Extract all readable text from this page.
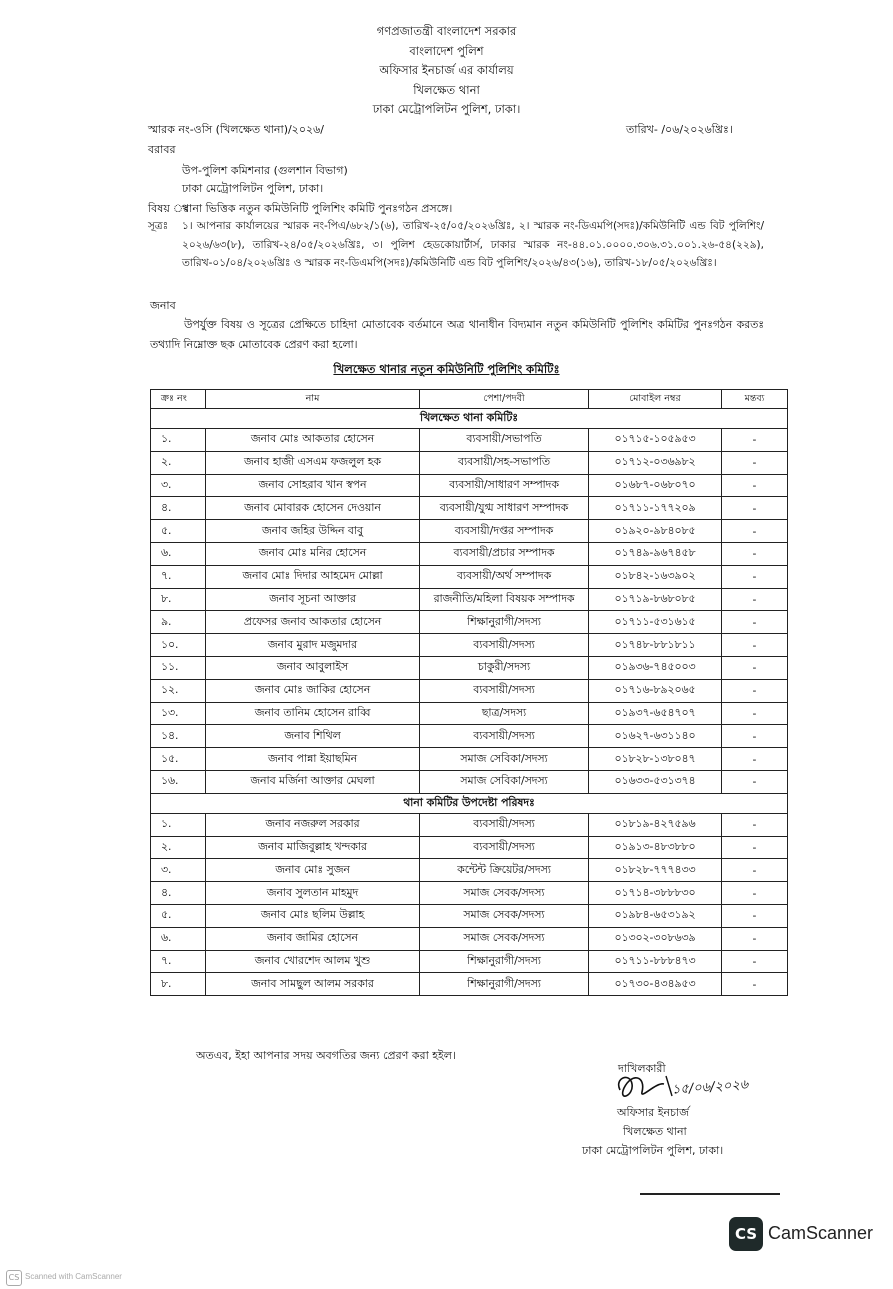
গণপ্রজাতন্ত্রী বাংলাদেশ সরকার
বাংলাদেশ পুলিশ
অফিসার ইনচার্জ এর কার্যালয়
খিলক্ষেত থানা
ঢাকা মেট্রোপলিটন পুলিশ, ঢাকা।
স্মারক নং-ওসি (খিলক্ষেত থানা)/২০২৬/	তারিখ- /০৬/২০২৬খ্রিঃ।
বরাবর
উপ-পুলিশ কমিশনার (গুলশান বিভাগ)
ঢাকা মেট্রোপলিটন পুলিশ, ঢাকা।
বিষয় ঃ
থানা ভিত্তিক নতুন কমিউনিটি পুলিশিং কমিটি পুনঃগঠন প্রসঙ্গে।
সূত্রঃ ১। আপনার কার্যালয়ের স্মারক নং-পিএ/৬৮২/১(৬), তারিখ-২৫/০৫/২০২৬খ্রিঃ, ২। স্মারক নং-ডিএমপি(সদঃ)/কমিউনিটি এন্ড বিট পুলিশিং/২০২৬/৬৩(৮), তারিখ-২৪/০৫/২০২৬খ্রিঃ, ৩। পুলিশ হেডকোয়ার্টার্স, ঢাকার স্মারক নং-৪৪.০১.০০০০.৩০৬.৩১.০০১.২৬-৫৪(২২৯), তারিখ-০১/০৪/২০২৬খ্রিঃ ও স্মারক নং-ডিএমপি(সদঃ)/কমিউনিটি এন্ড বিট পুলিশিং/২০২৬/৪৩(১৬), তারিখ-১৮/০৫/২০২৬খ্রিঃ।
জনাব
উপর্যুক্ত বিষয় ও সূত্রের প্রেক্ষিতে চাহিদা মোতাবেক বর্তমানে অত্র থানাধীন বিদ্যমান নতুন কমিউনিটি পুলিশিং কমিটির পুনঃগঠন করতঃ তথ্যাদি নিম্নোক্ত ছক মোতাবেক প্রেরণ করা হলো।
খিলক্ষেত থানার নতুন কমিউনিটি পুলিশিং কমিটিঃ
ক্রঃ নং	নাম	পেশা/পদবী	মোবাইল নম্বর	মন্তব্য
খিলক্ষেত থানা কমিটিঃ				
১.	জনাব মোঃ আকতার হোসেন	ব্যবসায়ী/সভাপতি	০১৭১৫-১০৫৯৫৩	-
২.	জনাব হাজী এসএম ফজলুল হক	ব্যবসায়ী/সহ-সভাপতি	০১৭১২-০৩৬৯৮২	-
৩.	জনাব সোহরাব খান স্বপন	ব্যবসায়ী/সাধারণ সম্পাদক	০১৬৮৭-০৬৮০৭০	-
৪.	জনাব মোবারক হোসেন দেওয়ান	ব্যবসায়ী/যুগ্ম সাধারণ সম্পাদক	০১৭১১-১৭৭২০৯	-
৫.	জনাব জহির উদ্দিন বাবু	ব্যবসায়ী/দপ্তর সম্পাদক	০১৯২০-৯৮৪০৮৫	-
৬.	জনাব মোঃ মনির হোসেন	ব্যবসায়ী/প্রচার সম্পাদক	০১৭৪৯-৯৬৭৪৫৮	-
৭.	জনাব মোঃ দিদার আহমেদ মোল্লা	ব্যবসায়ী/অর্থ সম্পাদক	০১৮৪২-১৬৩৯০২	-
৮.	জনাব সূচনা আক্তার	রাজনীতি/মহিলা বিষয়ক সম্পাদক	০১৭১৯-৮৬৮০৮৫	-
৯.	প্রফেসর জনাব আকতার হোসেন	শিক্ষানুরাগী/সদস্য	০১৭১১-৫৩১৬১৫	-
১০.	জনাব মুরাদ মজুমদার	ব্যবসায়ী/সদস্য	০১৭৪৮-৮৮১৮১১	-
১১.	জনাব আবুলাইস	চাকুরী/সদস্য	০১৯৩৬-৭৪৫০০৩	-
১২.	জনাব মোঃ জাকির হোসেন	ব্যবসায়ী/সদস্য	০১৭১৬-৮৯২০৬৫	-
১৩.	জনাব তানিম হোসেন রাব্বি	ছাত্র/সদস্য	০১৯৩৭-৬৫৪৭০৭	-
১৪.	জনাব শিথিল	ব্যবসায়ী/সদস্য	০১৬২৭-৬৩১১৪০	-
১৫.	জনাব পান্না ইয়াছমিন	সমাজ সেবিকা/সদস্য	০১৮২৮-১৩৮০৪৭	-
১৬.	জনাব মর্জিনা আক্তার মেঘলা	সমাজ সেবিকা/সদস্য	০১৬৩৩-৫৩১৩৭৪	-
থানা কমিটির উপদেষ্টা পরিষদঃ				
১.	জনাব নজরুল সরকার	ব্যবসায়ী/সদস্য	০১৮১৯-৪২৭৫৯৬	-
২.	জনাব মাজিবুল্লাহ খন্দকার	ব্যবসায়ী/সদস্য	০১৯১৩-৪৮৩৮৮০	-
৩.	জনাব মোঃ সুজন	কন্টেন্ট ক্রিয়েটর/সদস্য	০১৮২৮-৭৭৭৪৩৩	-
৪.	জনাব সুলতান মাহমুদ	সমাজ সেবক/সদস্য	০১৭১৪-৩৮৮৮৩০	-
৫.	জনাব মোঃ ছলিম উল্লাহ	সমাজ সেবক/সদস্য	০১৯৮৪-৬৫৩১৯২	-
৬.	জনাব জামির হোসেন	সমাজ সেবক/সদস্য	০১৩০২-৩০৮৬৩৯	-
৭.	জনাব খোরশেদ আলম খুশু	শিক্ষানুরাগী/সদস্য	০১৭১১-৮৮৮৪৭৩	-
৮.	জনাব সামছুল আলম সরকার	শিক্ষানুরাগী/সদস্য	০১৭৩০-৪৩৪৯৫৩	-
অতএব, ইহা আপনার সদয় অবগতির জন্য প্রেরণ করা হইল।
দাখিলকারী
১৫/০৬/২০২৬
অফিসার ইনচার্জ
খিলক্ষেত থানা
ঢাকা মেট্রোপলিটন পুলিশ, ঢাকা।
CS CamScanner
CS Scanned with CamScanner
